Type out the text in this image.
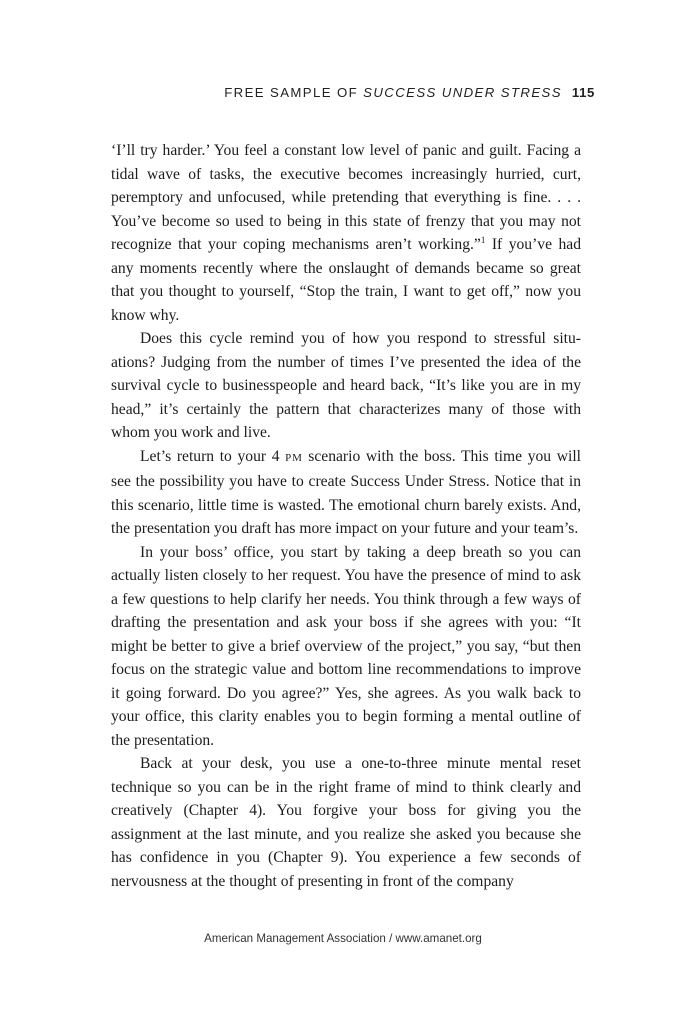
FREE SAMPLE OF SUCCESS UNDER STRESS 115

‘I’ll try harder.’ You feel a constant low level of panic and guilt. Facing a tidal wave of tasks, the executive becomes increasingly hurried, curt, peremptory and unfocused, while pretending that everything is fine. . . . You’ve become so used to being in this state of frenzy that you may not recognize that your coping mechanisms aren’t working.”$^1$ If you’ve had any moments recently where the onslaught of demands became so great that you thought to yourself, “Stop the train, I want to get off,” now you know why.

Does this cycle remind you of how you respond to stressful situations? Judging from the number of times I’ve presented the idea of the survival cycle to businesspeople and heard back, “It’s like you are in my head,” it’s certainly the pattern that characterizes many of those with whom you work and live.

Let’s return to your 4 PM scenario with the boss. This time you will see the possibility you have to create Success Under Stress. Notice that in this scenario, little time is wasted. The emotional churn barely exists. And, the presentation you draft has more impact on your future and your team’s.

In your boss’ office, you start by taking a deep breath so you can actually listen closely to her request. You have the presence of mind to ask a few questions to help clarify her needs. You think through a few ways of drafting the presentation and ask your boss if she agrees with you: “It might be better to give a brief overview of the project,” you say, “but then focus on the strategic value and bottom line recommendations to improve it going forward. Do you agree?” Yes, she agrees. As you walk back to your office, this clarity enables you to begin forming a mental outline of the presentation.

Back at your desk, you use a one-to-three minute mental reset technique so you can be in the right frame of mind to think clearly and creatively (Chapter 4). You forgive your boss for giving you the assignment at the last minute, and you realize she asked you because she has confidence in you (Chapter 9). You experience a few seconds of nervousness at the thought of presenting in front of the company

American Management Association / www.amanet.org
